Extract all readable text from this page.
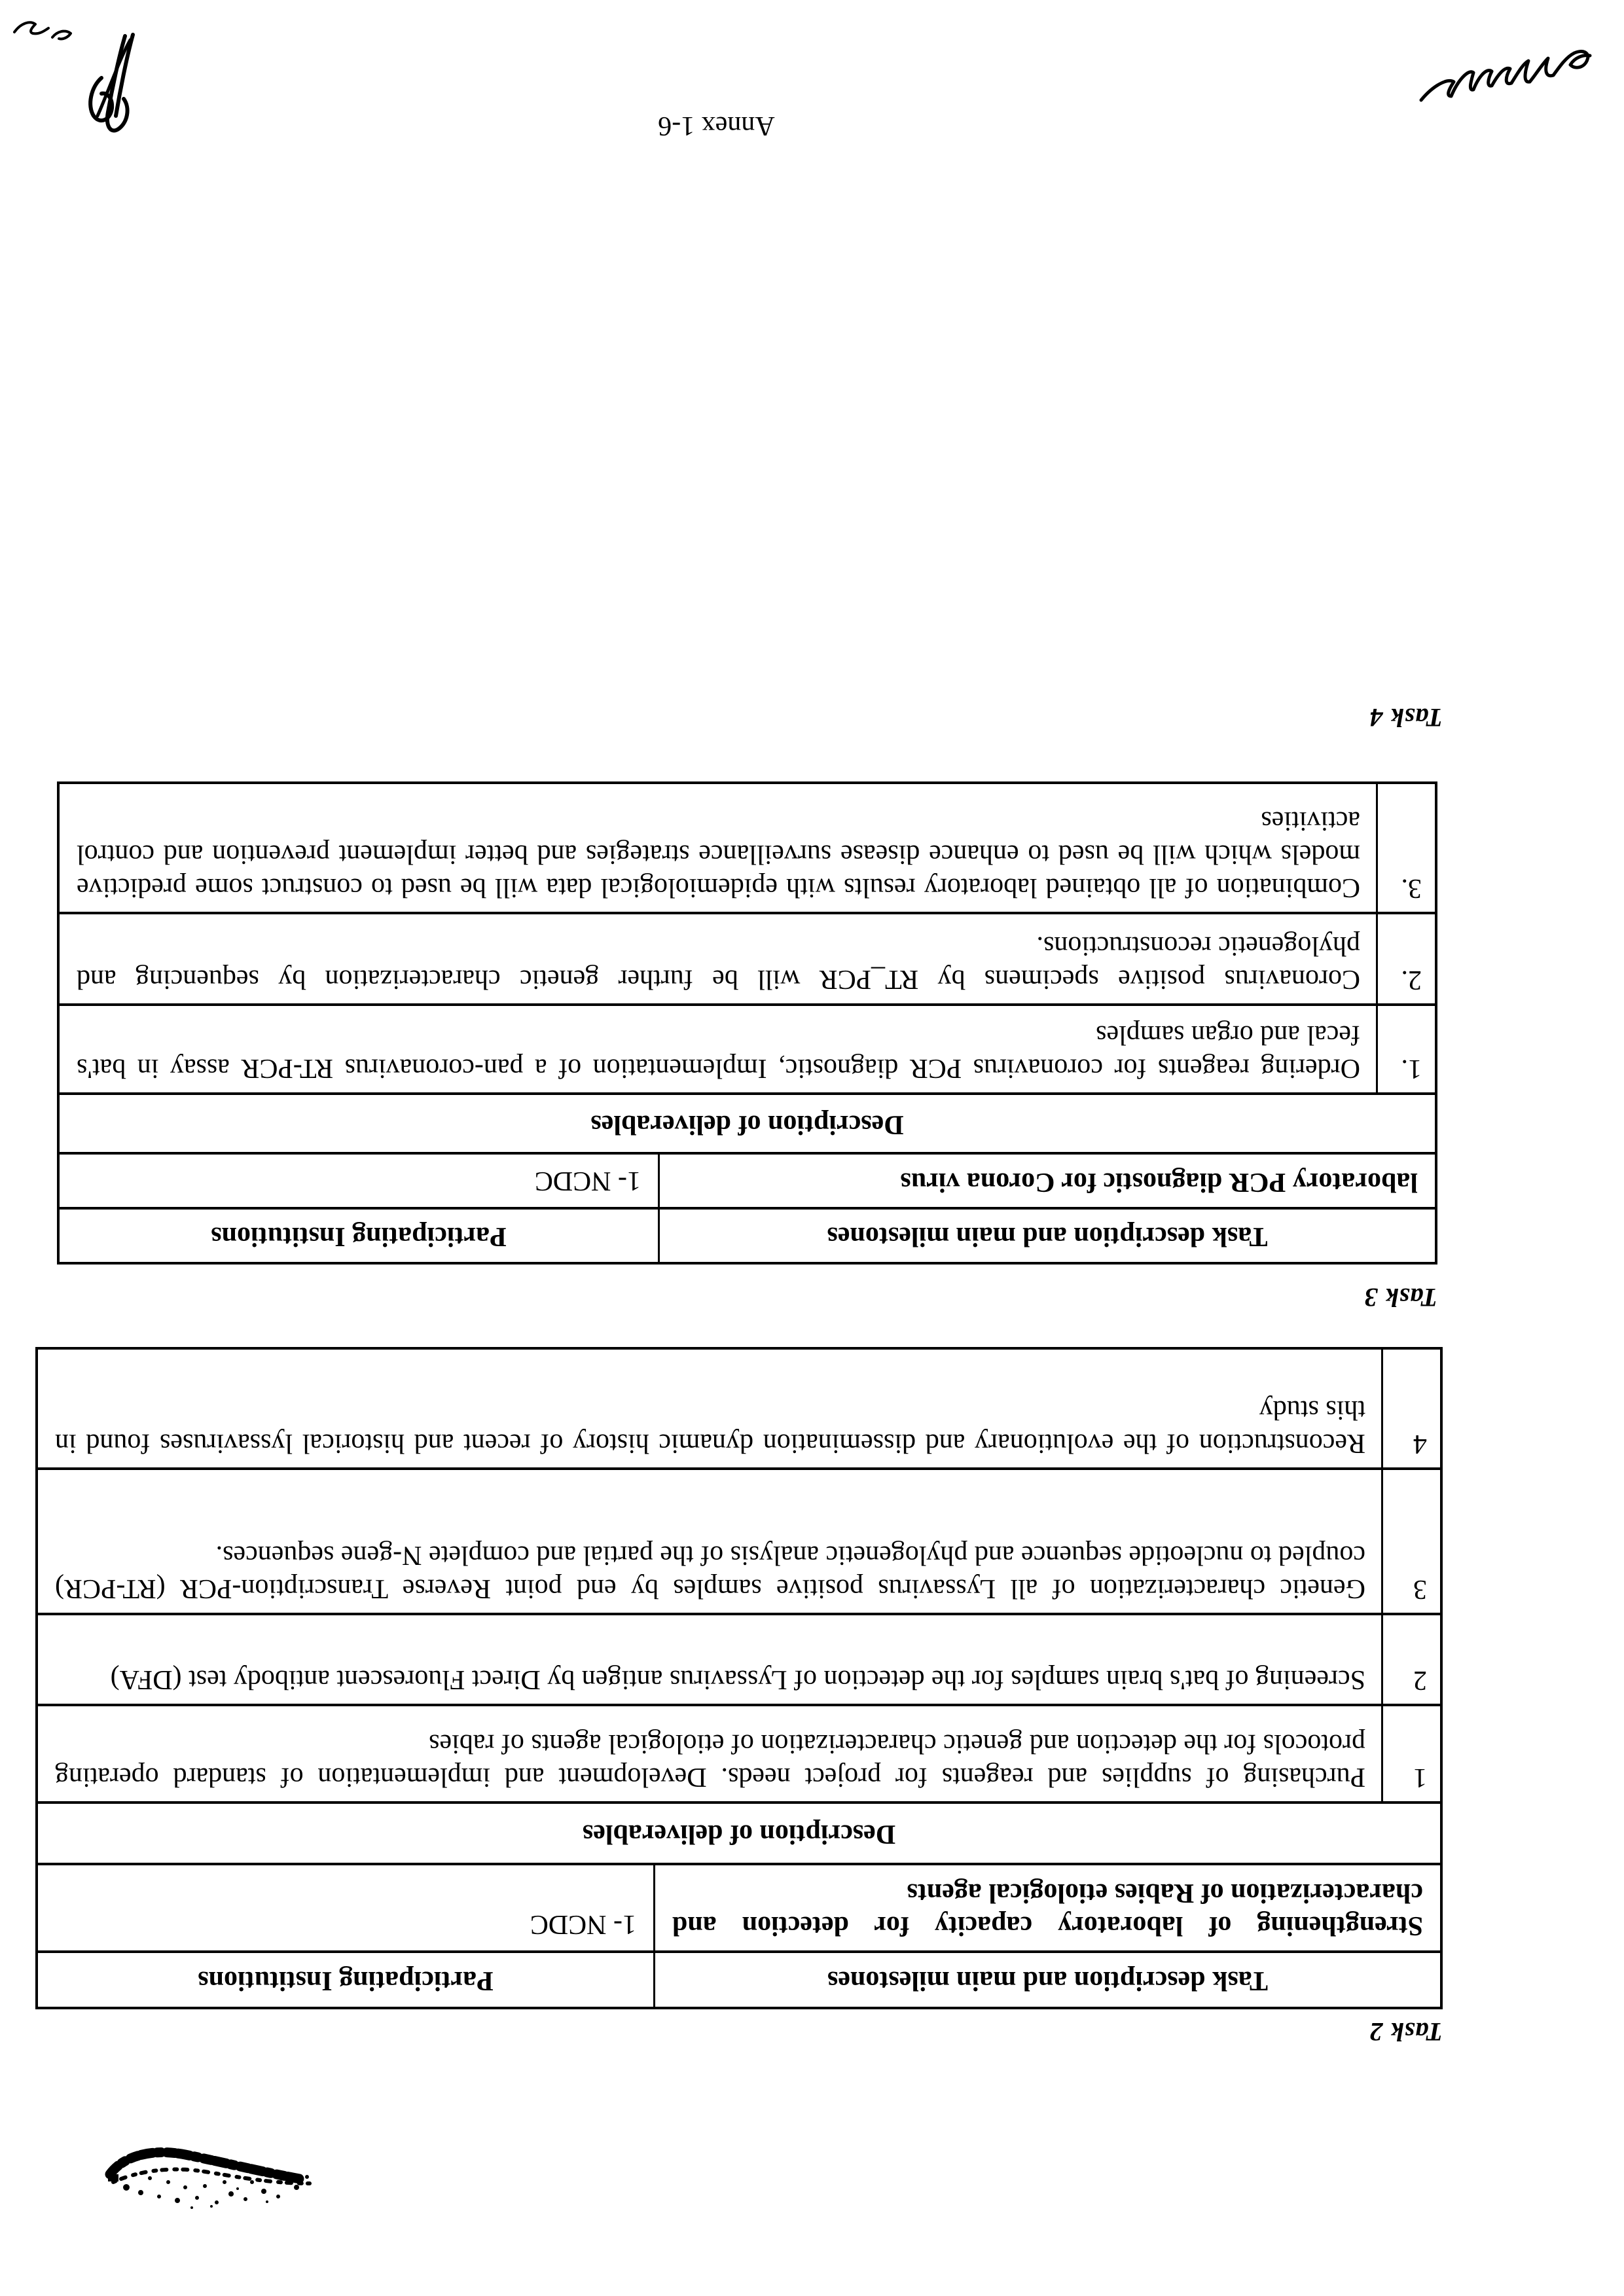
Task 2
Task description and main milestones
Participating Institutions
Strengthening of laboratory capacity for detection and characterization of Rabies etiological agents
1- NCDC
Description of deliverables
1
Purchasing of supplies and reagents for project needs. Development and implementation of standard operating protocols for the detection and genetic characterization of etiological agents of rabies
2
Screening of bat's brain samples for the detection of Lyssavirus antigen by Direct Fluorescent antibody test (DFA)
3
Genetic characterization of all Lyssavirus positive samples by end point Reverse Transcription-PCR (RT-PCR) coupled to nucleotide sequence and phylogenetic analysis of the partial and complete N-gene sequences.
4
Reconstruction of the evolutionary and dissemination dynamic history of recent and historical lyssaviruses found in this study
Task 3
Task description and main milestones
Participating Institutions
laboratory PCR diagnostic for Corona virus
1- NCDC
Description of deliverables
1.
Ordering reagents for coronavirus PCR diagnostic, Implementation of a pan-coronavirus RT-PCR assay in bat's fecal and organ samples
2.
Coronavirus positive specimens by RT_PCR will be further genetic characterization by sequencing and phylogenetic reconstructions.
3.
Combination of all obtained laboratory results with epidemiological data will be used to construct some predictive models which will be used to enhance disease surveillance strategies and better implement prevention and control activities
Task 4
Annex 1-6
